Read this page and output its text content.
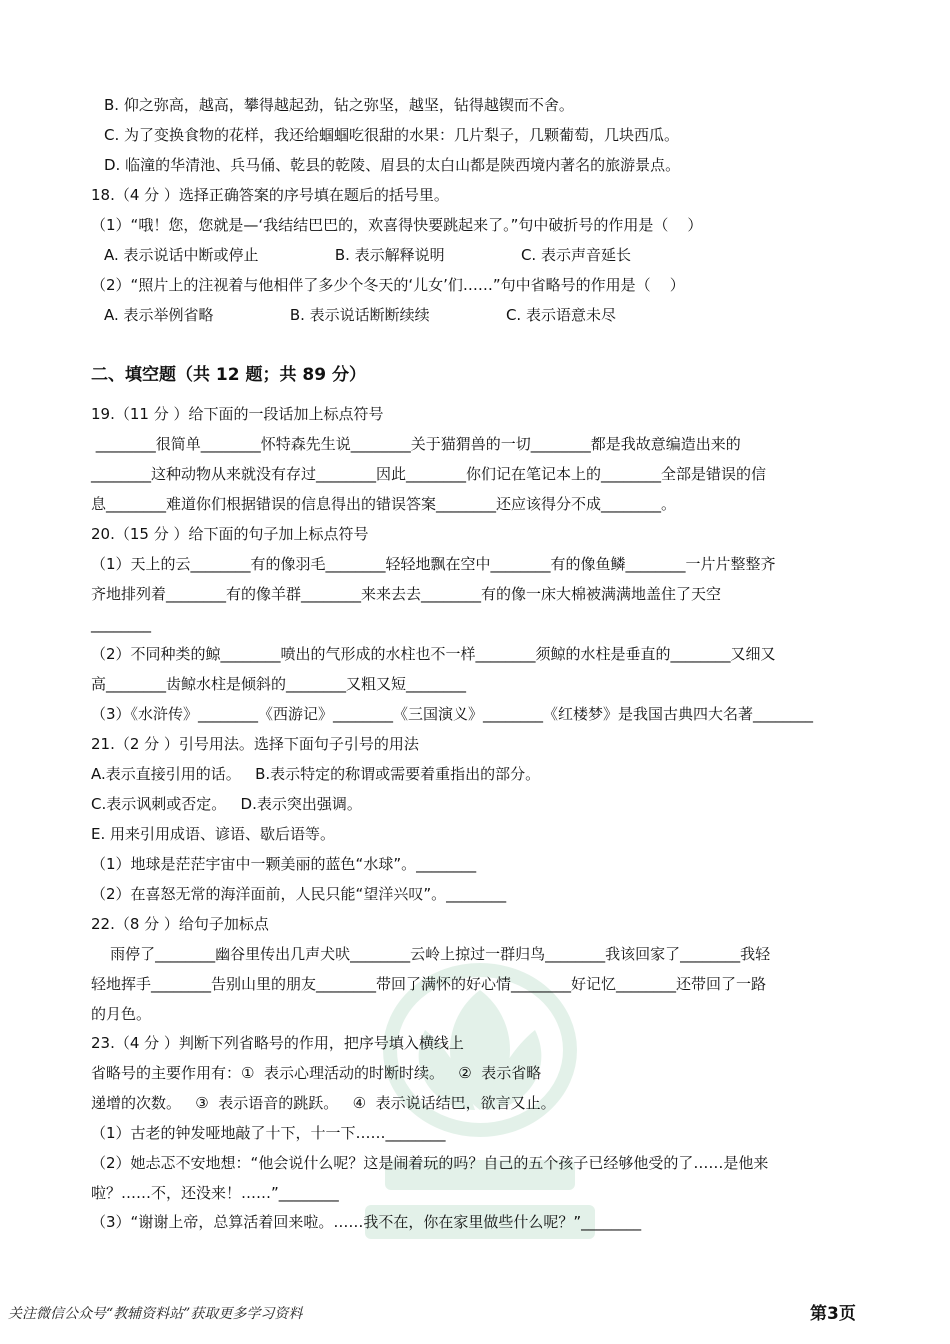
B. 仰之弥高，越高，攀得越起劲，钻之弥坚，越坚，钻得越锲而不舍。
C. 为了变换食物的花样，我还给蝈蝈吃很甜的水果：几片梨子，几颗葡萄，几块西瓜。
D. 临潼的华清池、兵马俑、乾县的乾陵、眉县的太白山都是陕西境内著名的旅游景点。
18.（4 分 ）选择正确答案的序号填在题后的括号里。
（1）“哦！您，您就是—‘我结结巴巴的，欢喜得快要跳起来了。”句中破折号的作用是（    ）
A. 表示说话中断或停止                B. 表示解释说明                C. 表示声音延长
（2）“照片上的注视着与他相伴了多少个冬天的‘儿女’们……”句中省略号的作用是（    ）
A. 表示举例省略                B. 表示说话断断续续                C. 表示语意未尽
二、填空题（共 12 题；共 89 分）
19.（11 分 ）给下面的一段话加上标点符号
________很简单________怀特森先生说________关于猫猬兽的一切________都是我故意编造出来的
________这种动物从来就没有存过________因此________你们记在笔记本上的________全部是错误的信
息________难道你们根据错误的信息得出的错误答案________还应该得分不成________。
20.（15 分 ）给下面的句子加上标点符号
（1）天上的云________有的像羽毛________轻轻地飘在空中________有的像鱼鳞________一片片整整齐
齐地排列着________有的像羊群________来来去去________有的像一床大棉被满满地盖住了天空
________
（2）不同种类的鲸________喷出的气形成的水柱也不一样________须鲸的水柱是垂直的________又细又
高________齿鲸水柱是倾斜的________又粗又短________
（3）《水浒传》________《西游记》________《三国演义》________《红楼梦》是我国古典四大名著________
21.（2 分 ）引号用法。选择下面句子引号的用法
A.表示直接引用的话。   B.表示特定的称谓或需要着重指出的部分。
C.表示讽刺或否定。   D.表示突出强调。
E. 用来引用成语、谚语、歇后语等。
（1）地球是茫茫宇宙中一颗美丽的蓝色“水球”。________
（2）在喜怒无常的海洋面前，人民只能“望洋兴叹”。________
22.（8 分 ）给句子加标点
雨停了________幽谷里传出几声犬吠________云岭上掠过一群归鸟________我该回家了________我轻
轻地挥手________告别山里的朋友________带回了满怀的好心情________好记忆________还带回了一路
的月色。
23.（4 分 ）判断下列省略号的作用，把序号填入横线上
省略号的主要作用有：①  表示心理活动的时断时续。   ②  表示省略
递增的次数。   ③  表示语音的跳跃。   ④  表示说话结巴，欲言又止。
（1）古老的钟发哑地敲了十下，十一下……________
（2）她忐忑不安地想：“他会说什么呢？这是闹着玩的吗？自己的五个孩子已经够他受的了……是他来
啦？……不，还没来！……”________
（3）“谢谢上帝，总算活着回来啦。……我不在，你在家里做些什么呢？”________
关注微信公众号“教辅资料站”获取更多学习资料	第3页
